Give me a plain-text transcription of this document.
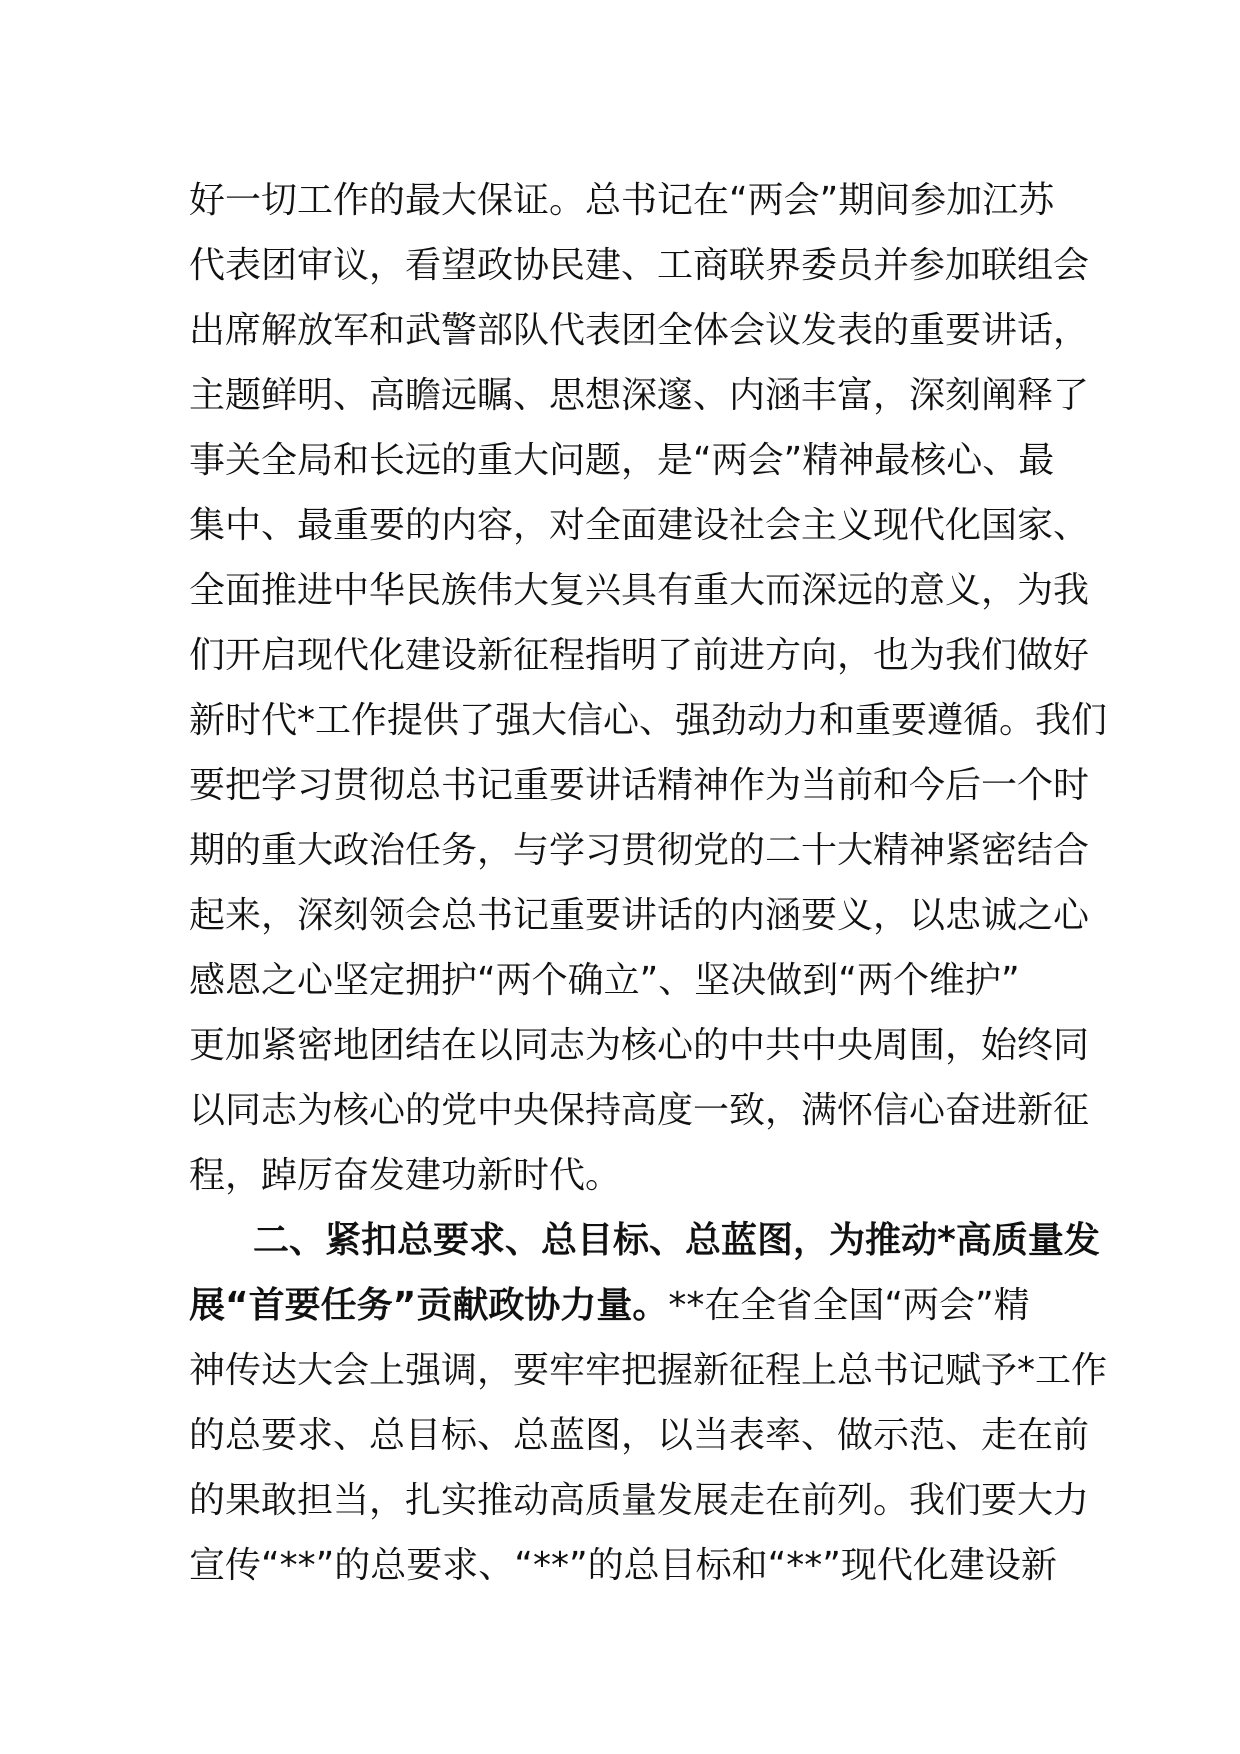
好一切工作的最大保证。总书记在“两会”期间参加江苏
代表团审议，看望政协民建、工商联界委员并参加联组会
出席解放军和武警部队代表团全体会议发表的重要讲话，
主题鲜明、高瞻远瞩、思想深邃、内涵丰富，深刻阐释了
事关全局和长远的重大问题，是“两会”精神最核心、最
集中、最重要的内容，对全面建设社会主义现代化国家、
全面推进中华民族伟大复兴具有重大而深远的意义，为我
们开启现代化建设新征程指明了前进方向，也为我们做好
新时代*工作提供了强大信心、强劲动力和重要遵循。我们
要把学习贯彻总书记重要讲话精神作为当前和今后一个时
期的重大政治任务，与学习贯彻党的二十大精神紧密结合
起来，深刻领会总书记重要讲话的内涵要义，以忠诚之心
感恩之心坚定拥护“两个确立”、坚决做到“两个维护”
更加紧密地团结在以同志为核心的中共中央周围，始终同
以同志为核心的党中央保持高度一致，满怀信心奋进新征
程，踔厉奋发建功新时代。
二、紧扣总要求、总目标、总蓝图，为推动*高质量发
展“首要任务”贡献政协力量。**在全省全国“两会”精
神传达大会上强调，要牢牢把握新征程上总书记赋予*工作
的总要求、总目标、总蓝图，以当表率、做示范、走在前
的果敢担当，扎实推动高质量发展走在前列。我们要大力
宣传“**”的总要求、“**”的总目标和“**”现代化建设新
